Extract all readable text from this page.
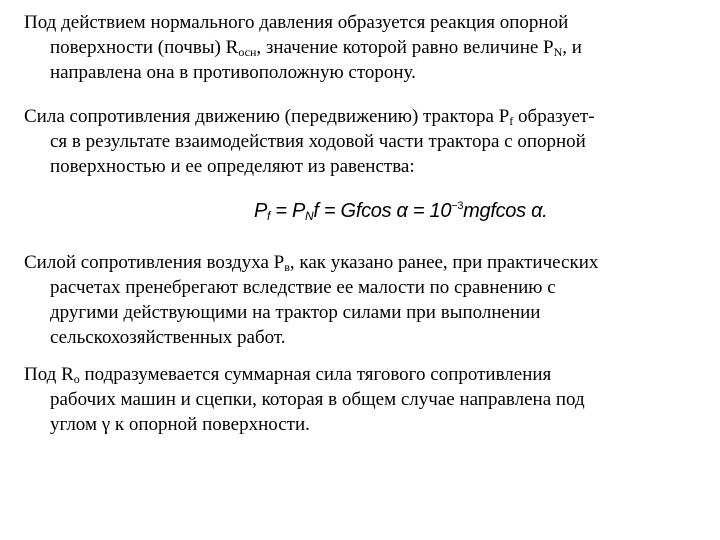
Под действием нормального давления образуется реакция опорной
поверхности (почвы) $R_{осн}$, значение которой равно величине $P_N$, и
направлена она в противоположную сторону.

Сила сопротивления движению (передвижению) трактора $P_f$ образует-
ся в результате взаимодействия ходовой части трактора с опорной
поверхностью и ее определяют из равенства:

$P_f = P_Nf = Gfcos$ $\alpha = 10^{-3}mgfcos$ α.

Силой сопротивления воздуха $P_в$, как указано ранее, при практических
расчетах пренебрегают вследствие ее малости по сравнению с
другими действующими на трактор силами при выполнении
сельскохозяйственных работ.

Под $R_о$ подразумевается суммарная сила тягового сопротивления
рабочих машин и сцепки, которая в общем случае направлена под
углом γ к опорной поверхности.
